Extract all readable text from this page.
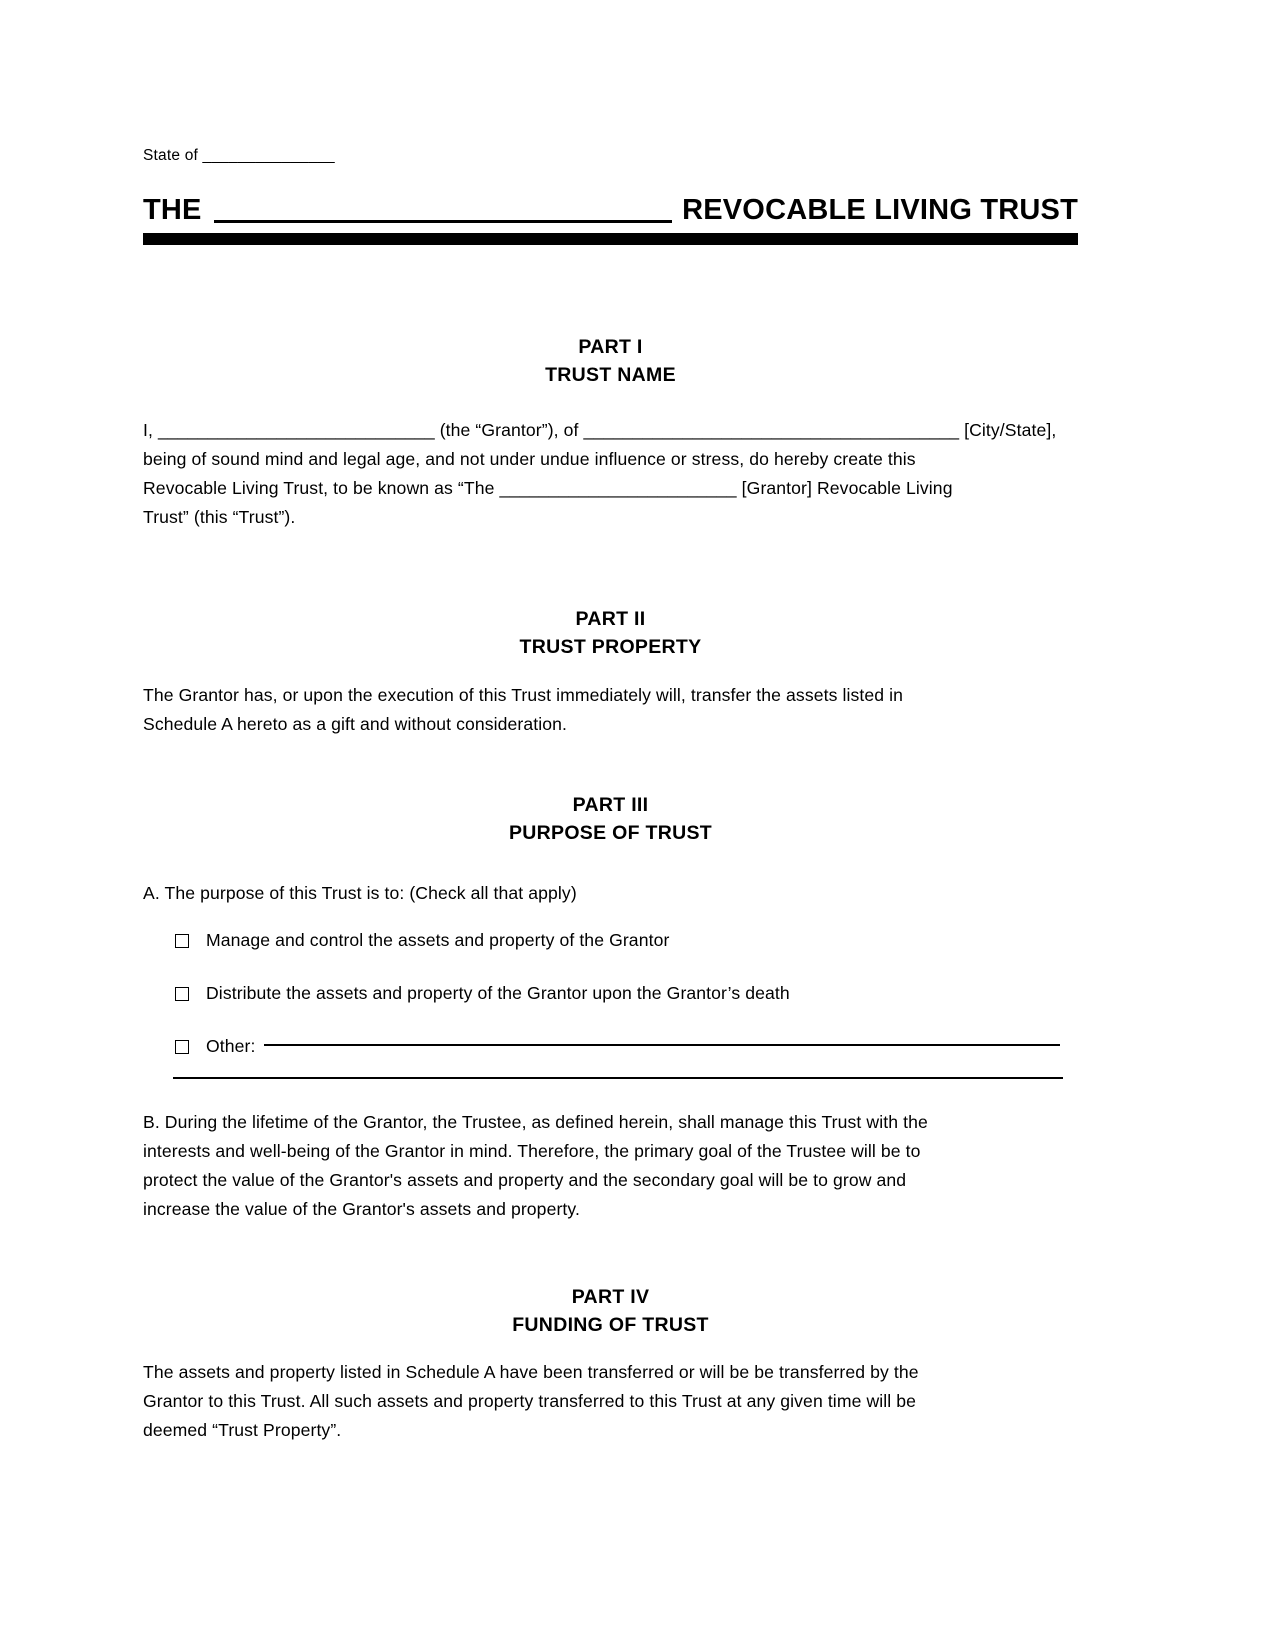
State of _______________
THE	REVOCABLE LIVING TRUST
PART I
TRUST NAME
I, ____________________________ (the “Grantor”), of ______________________________________ [City/State],
being of sound mind and legal age, and not under undue influence or stress, do hereby create this
Revocable Living Trust, to be known as “The ________________________ [Grantor] Revocable Living
Trust” (this “Trust”).
PART II
TRUST PROPERTY
The Grantor has, or upon the execution of this Trust immediately will, transfer the assets listed in
Schedule A hereto as a gift and without consideration.
PART III
PURPOSE OF TRUST
A. The purpose of this Trust is to: (Check all that apply)
Manage and control the assets and property of the Grantor
Distribute the assets and property of the Grantor upon the Grantor’s death
Other:
B. During the lifetime of the Grantor, the Trustee, as defined herein, shall manage this Trust with the
interests and well-being of the Grantor in mind. Therefore, the primary goal of the Trustee will be to
protect the value of the Grantor's assets and property and the secondary goal will be to grow and
increase the value of the Grantor's assets and property.
PART IV
FUNDING OF TRUST
The assets and property listed in Schedule A have been transferred or will be be transferred by the
Grantor to this Trust. All such assets and property transferred to this Trust at any given time will be
deemed “Trust Property”.
